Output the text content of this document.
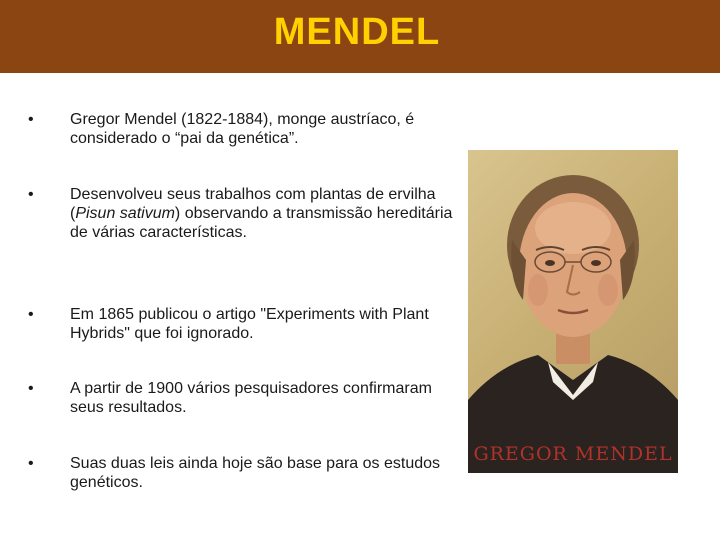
MENDEL
•	Gregor Mendel (1822-1884), monge austríaco, é considerado o “pai da genética”.
•	Desenvolveu seus trabalhos com plantas de ervilha (Pisun sativum) observando a transmissão hereditária de várias características.
•	Em 1865 publicou o artigo "Experiments with Plant Hybrids" que foi ignorado.
•	A partir de 1900 vários pesquisadores confirmaram seus resultados.
•	Suas duas leis ainda hoje são base para os estudos genéticos.
GREGOR MENDEL
